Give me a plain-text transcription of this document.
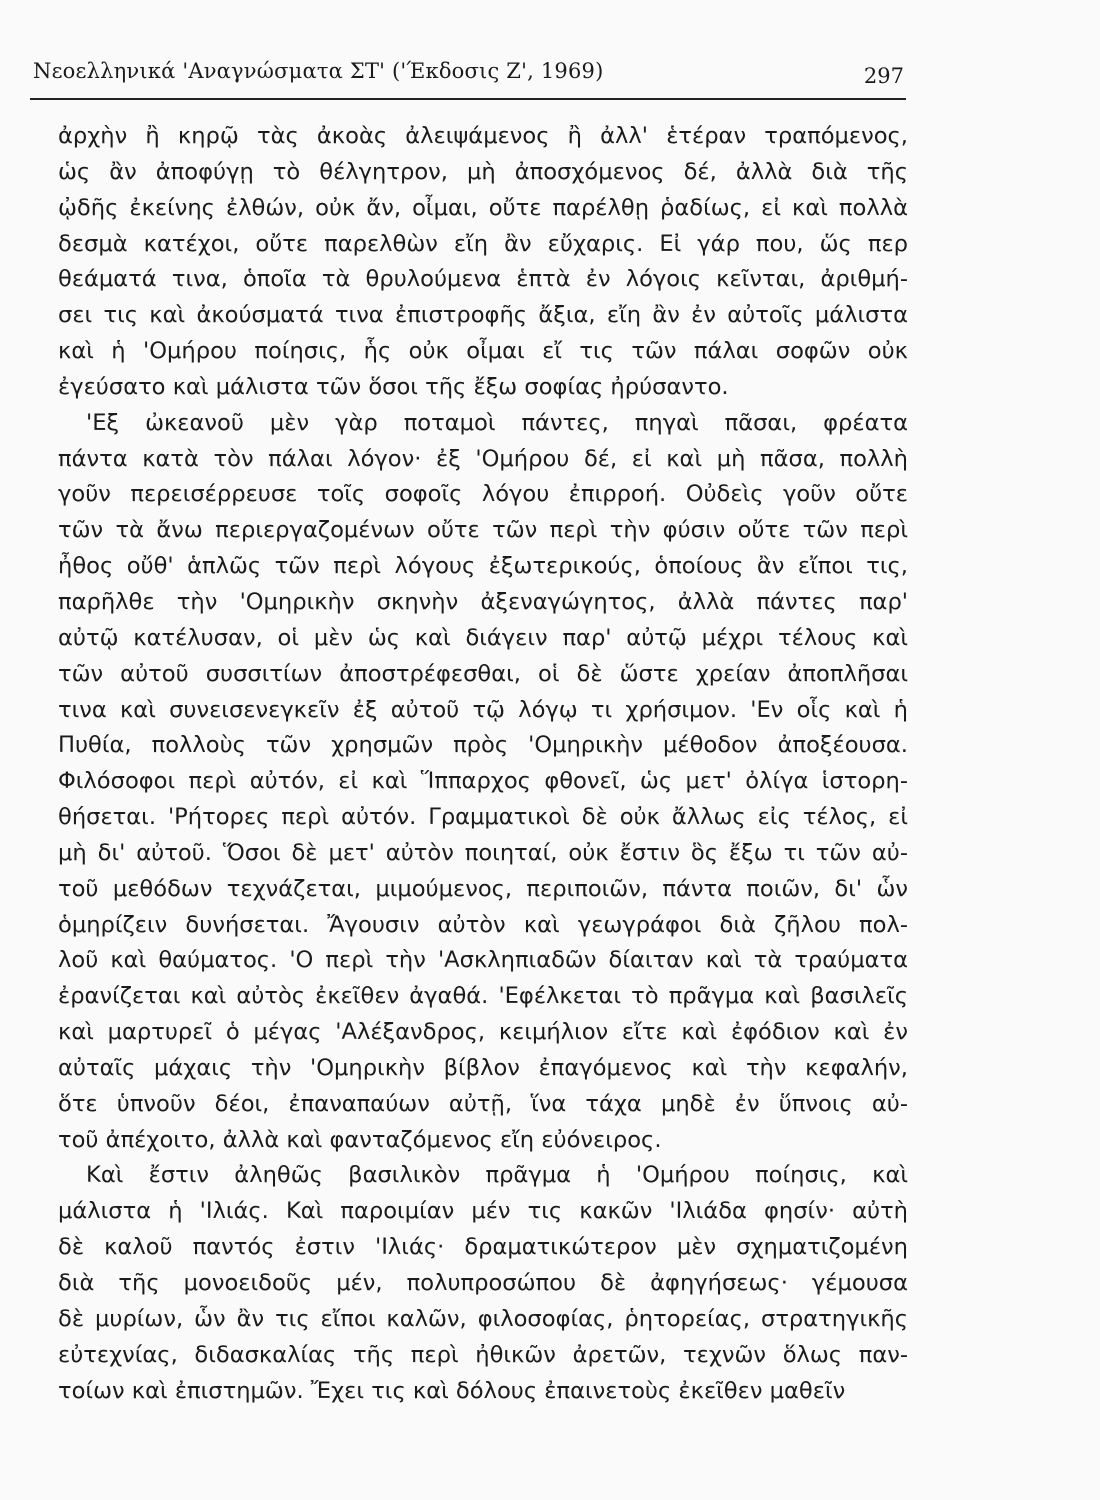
Νεοελληνικά 'Αναγνώσματα ΣΤ' ('Έκδοσις Ζ', 1969)	297
ἀρχὴν ἢ κηρῷ τὰς ἀκοὰς ἀλειψάμενος ἢ ἀλλ' ἑτέραν τραπόμενος,
ὡς ἂν ἀποφύγῃ τὸ θέλγητρον, μὴ ἀποσχόμενος δέ, ἀλλὰ διὰ τῆς
ᾠδῆς ἐκείνης ἐλθών, οὐκ ἄν, οἶμαι, οὔτε παρέλθῃ ῥαδίως, εἰ καὶ πολλὰ
δεσμὰ κατέχοι, οὔτε παρελθὼν εἴη ἂν εὔχαρις. Εἰ γάρ που, ὥς περ
θεάματά τινα, ὁποῖα τὰ θρυλούμενα ἑπτὰ ἐν λόγοις κεῖνται, ἀριθμή-
σει τις καὶ ἀκούσματά τινα ἐπιστροφῆς ἄξια, εἴη ἂν ἐν αὐτοῖς μάλιστα
καὶ ἡ 'Ομήρου ποίησις, ἧς οὐκ οἶμαι εἴ τις τῶν πάλαι σοφῶν οὐκ
ἐγεύσατο καὶ μάλιστα τῶν ὅσοι τῆς ἔξω σοφίας ἠρύσαντο.
'Εξ ὠκεανοῦ μὲν γὰρ ποταμοὶ πάντες, πηγαὶ πᾶσαι, φρέατα
πάντα κατὰ τὸν πάλαι λόγον· ἐξ 'Ομήρου δέ, εἰ καὶ μὴ πᾶσα, πολλὴ
γοῦν περεισέρρευσε τοῖς σοφοῖς λόγου ἐπιρροή. Οὐδεὶς γοῦν οὔτε
τῶν τὰ ἄνω περιεργαζομένων οὔτε τῶν περὶ τὴν φύσιν οὔτε τῶν περὶ
ἦθος οὔθ' ἁπλῶς τῶν περὶ λόγους ἐξωτερικούς, ὁποίους ἂν εἴποι τις,
παρῆλθε τὴν 'Ομηρικὴν σκηνὴν ἀξεναγώγητος, ἀλλὰ πάντες παρ'
αὐτῷ κατέλυσαν, οἱ μὲν ὡς καὶ διάγειν παρ' αὐτῷ μέχρι τέλους καὶ
τῶν αὐτοῦ συσσιτίων ἀποστρέφεσθαι, οἱ δὲ ὥστε χρείαν ἀποπλῆσαι
τινα καὶ συνεισενεγκεῖν ἐξ αὐτοῦ τῷ λόγῳ τι χρήσιμον. 'Εν οἷς καὶ ἡ
Πυθία, πολλοὺς τῶν χρησμῶν πρὸς 'Ομηρικὴν μέθοδον ἀποξέουσα.
Φιλόσοφοι περὶ αὐτόν, εἰ καὶ Ἵππαρχος φθονεῖ, ὡς μετ' ὀλίγα ἱστορη-
θήσεται. 'Ρήτορες περὶ αὐτόν. Γραμματικοὶ δὲ οὐκ ἄλλως εἰς τέλος, εἰ
μὴ δι' αὐτοῦ. Ὅσοι δὲ μετ' αὐτὸν ποιηταί, οὐκ ἔστιν ὃς ἔξω τι τῶν αὐ-
τοῦ μεθόδων τεχνάζεται, μιμούμενος, περιποιῶν, πάντα ποιῶν, δι' ὧν
ὁμηρίζειν δυνήσεται. Ἄγουσιν αὐτὸν καὶ γεωγράφοι διὰ ζῆλου πολ-
λοῦ καὶ θαύματος. 'Ο περὶ τὴν 'Ασκληπιαδῶν δίαιταν καὶ τὰ τραύματα
ἐρανίζεται καὶ αὐτὸς ἐκεῖθεν ἀγαθά. 'Εφέλκεται τὸ πρᾶγμα καὶ βασιλεῖς
καὶ μαρτυρεῖ ὁ μέγας 'Αλέξανδρος, κειμήλιον εἴτε καὶ ἐφόδιον καὶ ἐν
αὐταῖς μάχαις τὴν 'Ομηρικὴν βίβλον ἐπαγόμενος καὶ τὴν κεφαλήν,
ὅτε ὑπνοῦν δέοι, ἐπαναπαύων αὐτῇ, ἵνα τάχα μηδὲ ἐν ὕπνοις αὐ-
τοῦ ἀπέχοιτο, ἀλλὰ καὶ φανταζόμενος εἴη εὐόνειρος.
Καὶ ἔστιν ἀληθῶς βασιλικὸν πρᾶγμα ἡ 'Ομήρου ποίησις, καὶ
μάλιστα ἡ 'Ιλιάς. Καὶ παροιμίαν μέν τις κακῶν 'Ιλιάδα φησίν· αὐτὴ
δὲ καλοῦ παντός ἐστιν 'Ιλιάς· δραματικώτερον μὲν σχηματιζομένη
διὰ τῆς μονοειδοῦς μέν, πολυπροσώπου δὲ ἀφηγήσεως· γέμουσα
δὲ μυρίων, ὧν ἂν τις εἴποι καλῶν, φιλοσοφίας, ῥητορείας, στρατηγικῆς
εὐτεχνίας, διδασκαλίας τῆς περὶ ἠθικῶν ἀρετῶν, τεχνῶν ὅλως παν-
τοίων καὶ ἐπιστημῶν. Ἔχει τις καὶ δόλους ἐπαινετοὺς ἐκεῖθεν μαθεῖν
